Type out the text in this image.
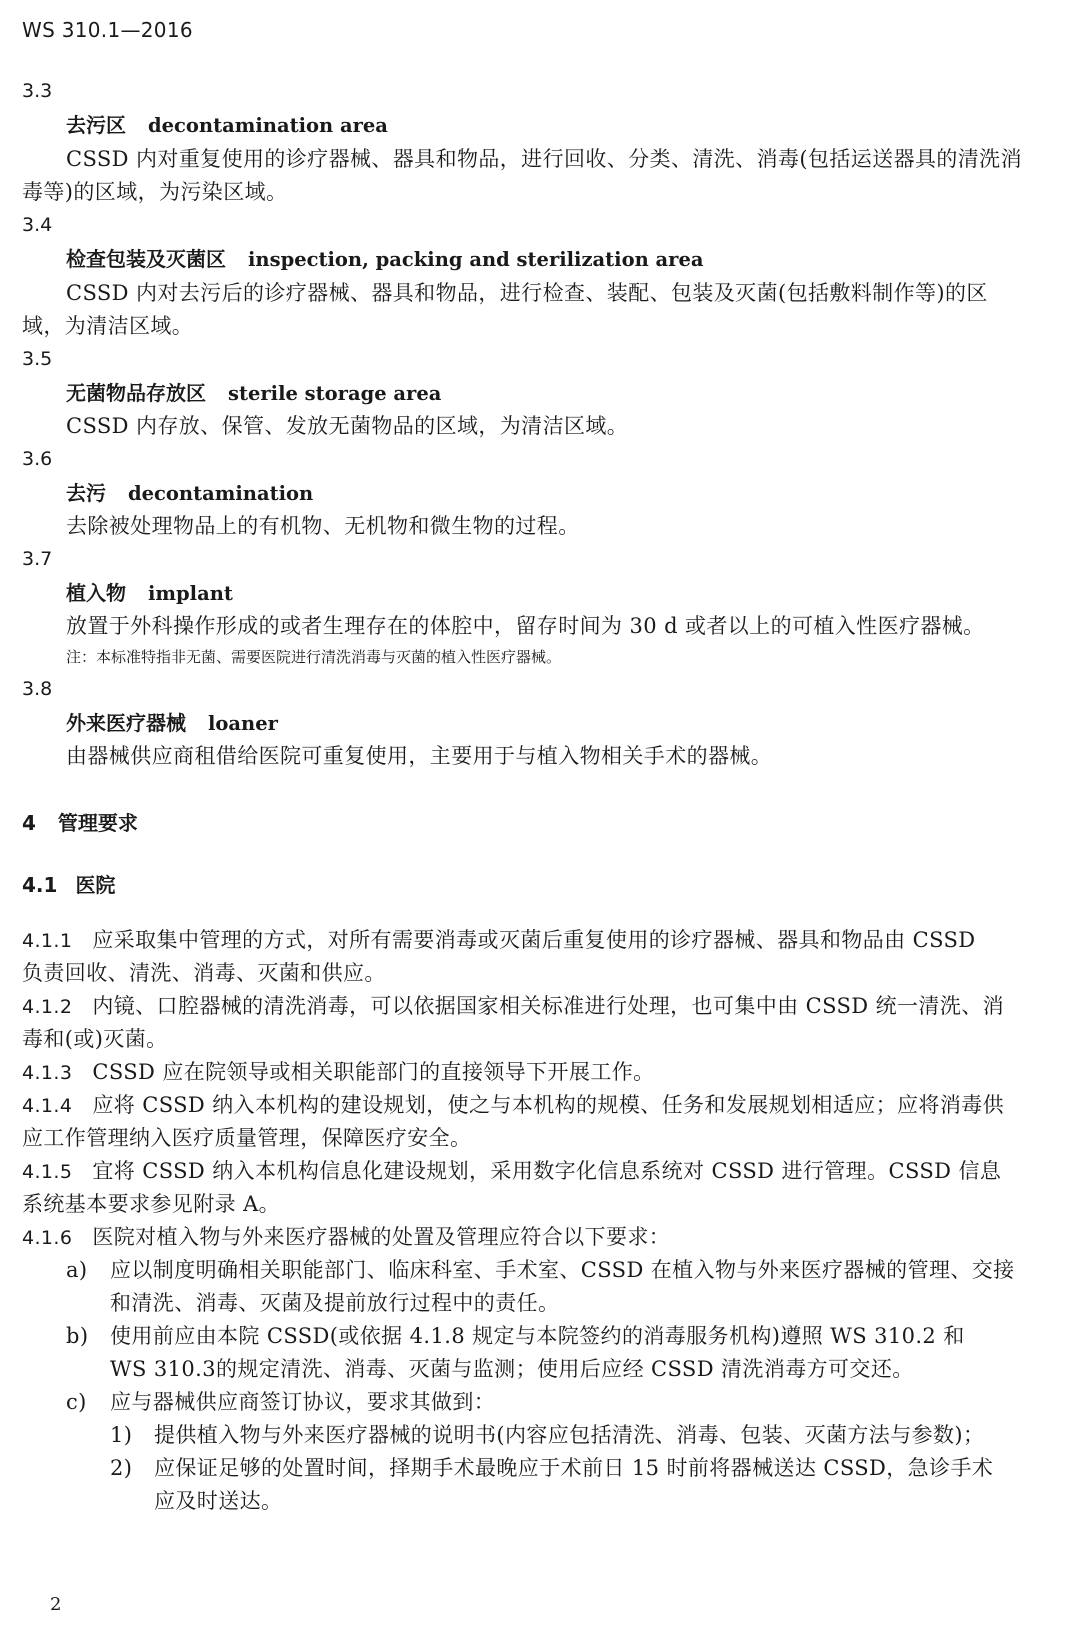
WS 310.1—2016
3.3
去污区 decontamination area
CSSD 内对重复使用的诊疗器械、器具和物品，进行回收、分类、清洗、消毒(包括运送器具的清洗消
毒等)的区域，为污染区域。
3.4
检查包装及灭菌区 inspection, packing and sterilization area
CSSD 内对去污后的诊疗器械、器具和物品，进行检查、装配、包装及灭菌(包括敷料制作等)的区
域，为清洁区域。
3.5
无菌物品存放区 sterile storage area
CSSD 内存放、保管、发放无菌物品的区域，为清洁区域。
3.6
去污 decontamination
去除被处理物品上的有机物、无机物和微生物的过程。
3.7
植入物 implant
放置于外科操作形成的或者生理存在的体腔中，留存时间为 30 d 或者以上的可植入性医疗器械。
注：本标准特指非无菌、需要医院进行清洗消毒与灭菌的植入性医疗器械。
3.8
外来医疗器械 loaner
由器械供应商租借给医院可重复使用，主要用于与植入物相关手术的器械。
4 管理要求
4.1 医院
4.1.1 应采取集中管理的方式，对所有需要消毒或灭菌后重复使用的诊疗器械、器具和物品由 CSSD
负责回收、清洗、消毒、灭菌和供应。
4.1.2 内镜、口腔器械的清洗消毒，可以依据国家相关标准进行处理，也可集中由 CSSD 统一清洗、消
毒和(或)灭菌。
4.1.3 CSSD 应在院领导或相关职能部门的直接领导下开展工作。
4.1.4 应将 CSSD 纳入本机构的建设规划，使之与本机构的规模、任务和发展规划相适应；应将消毒供
应工作管理纳入医疗质量管理，保障医疗安全。
4.1.5 宜将 CSSD 纳入本机构信息化建设规划，采用数字化信息系统对 CSSD 进行管理。CSSD 信息
系统基本要求参见附录 A。
4.1.6 医院对植入物与外来医疗器械的处置及管理应符合以下要求：
a) 应以制度明确相关职能部门、临床科室、手术室、CSSD 在植入物与外来医疗器械的管理、交接
和清洗、消毒、灭菌及提前放行过程中的责任。
b) 使用前应由本院 CSSD(或依据 4.1.8 规定与本院签约的消毒服务机构)遵照 WS 310.2 和
WS 310.3的规定清洗、消毒、灭菌与监测；使用后应经 CSSD 清洗消毒方可交还。
c) 应与器械供应商签订协议，要求其做到：
1) 提供植入物与外来医疗器械的说明书(内容应包括清洗、消毒、包装、灭菌方法与参数)；
2) 应保证足够的处置时间，择期手术最晚应于术前日 15 时前将器械送达 CSSD，急诊手术
应及时送达。
2
